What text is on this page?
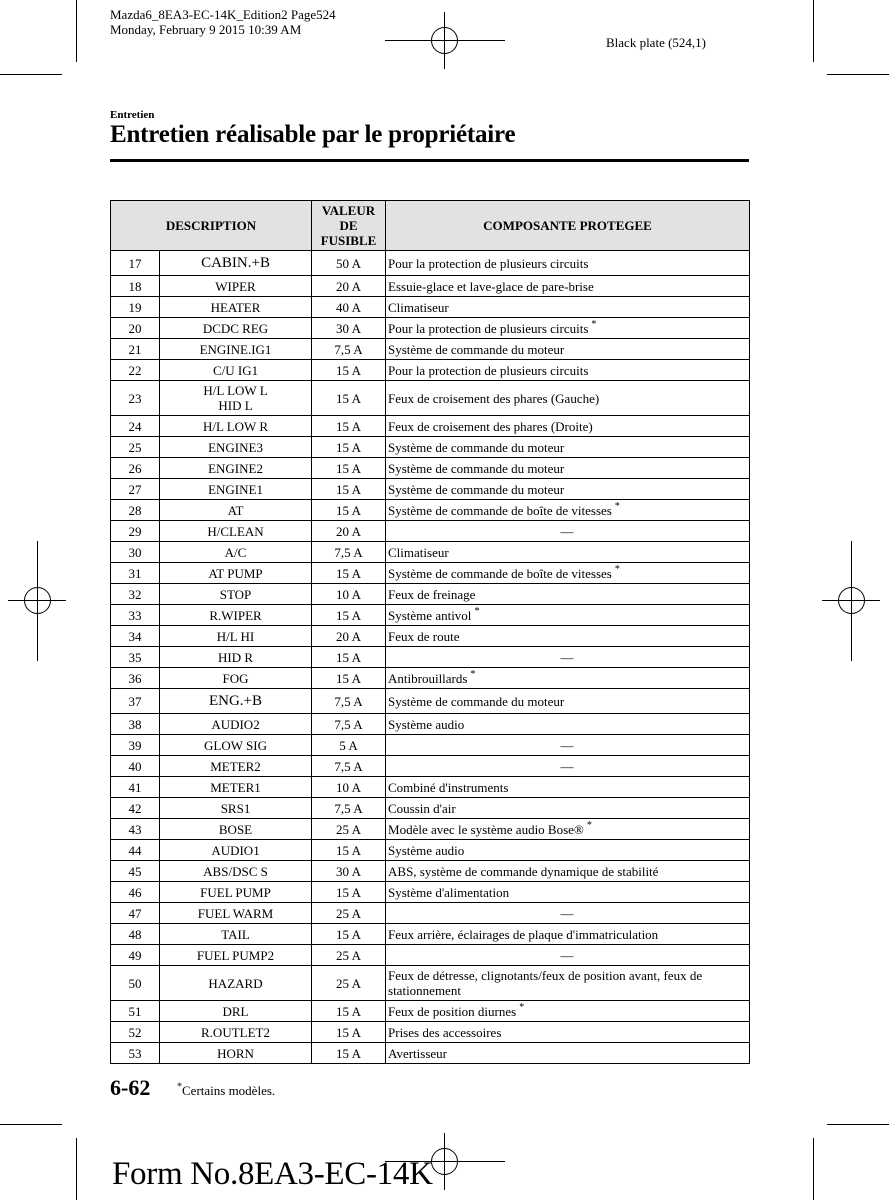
Mazda6_8EA3-EC-14K_Edition2 Page524
Monday, February 9 2015 10:39 AM
Black plate (524,1)
Entretien
Entretien réalisable par le propriétaire
DESCRIPTION		VALEUR
DE
FUSIBLE	COMPOSANTE PROTEGEE
17	CABIN.+B	50 A	Pour la protection de plusieurs circuits
18	WIPER	20 A	Essuie-glace et lave-glace de pare-brise
19	HEATER	40 A	Climatiseur
20	DCDC REG	30 A	Pour la protection de plusieurs circuits *
21	ENGINE.IG1	7,5 A	Système de commande du moteur
22	C/U IG1	15 A	Pour la protection de plusieurs circuits
23	H/L LOW L
HID L	15 A	Feux de croisement des phares (Gauche)
24	H/L LOW R	15 A	Feux de croisement des phares (Droite)
25	ENGINE3	15 A	Système de commande du moteur
26	ENGINE2	15 A	Système de commande du moteur
27	ENGINE1	15 A	Système de commande du moteur
28	AT	15 A	Système de commande de boîte de vitesses *
29	H/CLEAN	20 A	—
30	A/C	7,5 A	Climatiseur
31	AT PUMP	15 A	Système de commande de boîte de vitesses *
32	STOP	10 A	Feux de freinage
33	R.WIPER	15 A	Système antivol *
34	H/L HI	20 A	Feux de route
35	HID R	15 A	—
36	FOG	15 A	Antibrouillards *
37	ENG.+B	7,5 A	Système de commande du moteur
38	AUDIO2	7,5 A	Système audio
39	GLOW SIG	5 A	—
40	METER2	7,5 A	—
41	METER1	10 A	Combiné d'instruments
42	SRS1	7,5 A	Coussin d'air
43	BOSE	25 A	Modèle avec le système audio Bose® *
44	AUDIO1	15 A	Système audio
45	ABS/DSC S	30 A	ABS, système de commande dynamique de stabilité
46	FUEL PUMP	15 A	Système d'alimentation
47	FUEL WARM	25 A	—
48	TAIL	15 A	Feux arrière, éclairages de plaque d'immatriculation
49	FUEL PUMP2	25 A	—
50	HAZARD	25 A	Feux de détresse, clignotants/feux de position avant, feux de stationnement
51	DRL	15 A	Feux de position diurnes *
52	R.OUTLET2	15 A	Prises des accessoires
53	HORN	15 A	Avertisseur
6-62	*Certains modèles.
Form No.8EA3-EC-14K
